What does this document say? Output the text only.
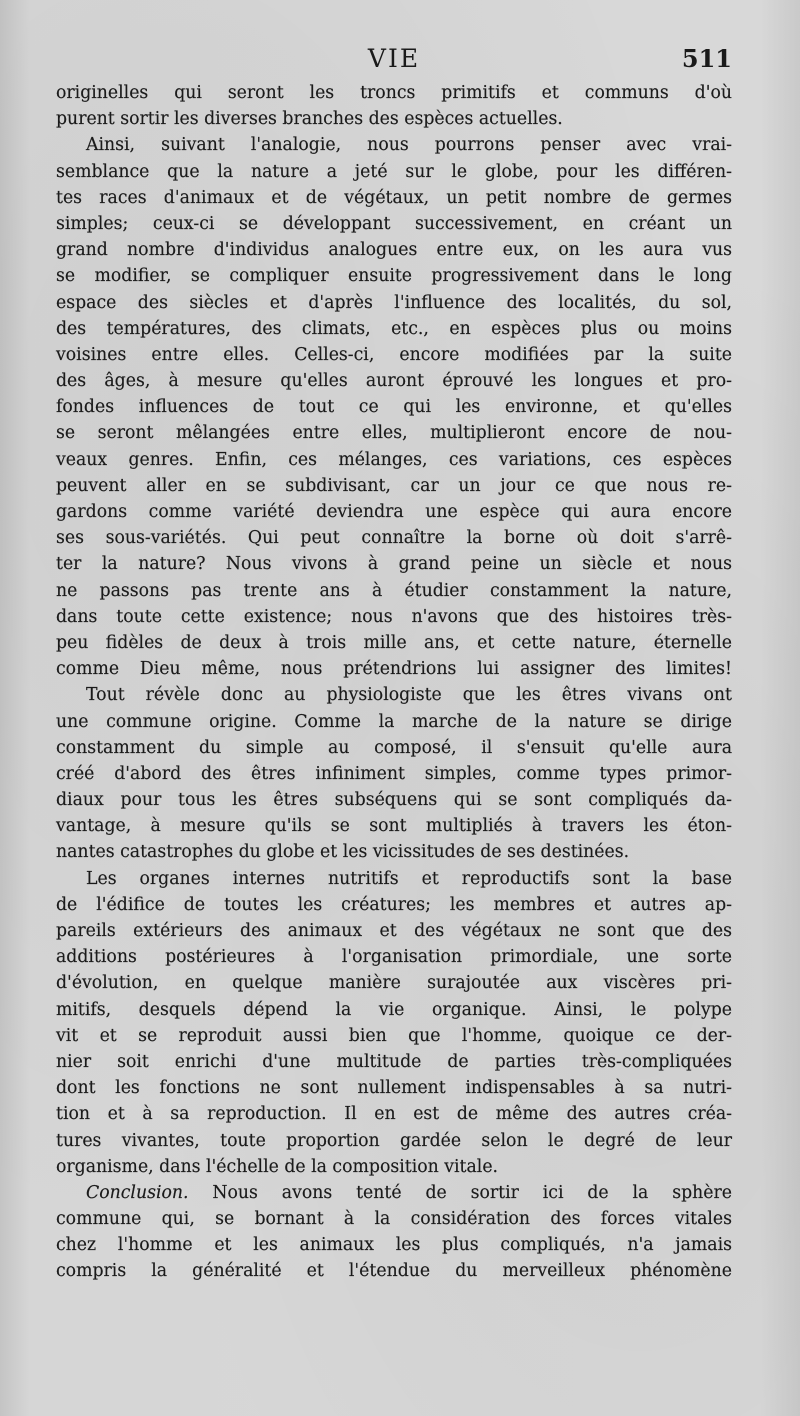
VIE	511
originelles qui seront les troncs primitifs et communs d'où
purent sortir les diverses branches des espèces actuelles.
Ainsi, suivant l'analogie, nous pourrons penser avec vrai-
semblance que la nature a jeté sur le globe, pour les différen-
tes races d'animaux et de végétaux, un petit nombre de germes
simples; ceux-ci se développant successivement, en créant un
grand nombre d'individus analogues entre eux, on les aura vus
se modifier, se compliquer ensuite progressivement dans le long
espace des siècles et d'après l'influence des localités, du sol,
des températures, des climats, etc., en espèces plus ou moins
voisines entre elles. Celles-ci, encore modifiées par la suite
des âges, à mesure qu'elles auront éprouvé les longues et pro-
fondes influences de tout ce qui les environne, et qu'elles
se seront mêlangées entre elles, multiplieront encore de nou-
veaux genres. Enfin, ces mélanges, ces variations, ces espèces
peuvent aller en se subdivisant, car un jour ce que nous re-
gardons comme variété deviendra une espèce qui aura encore
ses sous-variétés. Qui peut connaître la borne où doit s'arrê-
ter la nature? Nous vivons à grand peine un siècle et nous
ne passons pas trente ans à étudier constamment la nature,
dans toute cette existence; nous n'avons que des histoires très-
peu fidèles de deux à trois mille ans, et cette nature, éternelle
comme Dieu même, nous prétendrions lui assigner des limites!
Tout révèle donc au physiologiste que les êtres vivans ont
une commune origine. Comme la marche de la nature se dirige
constamment du simple au composé, il s'ensuit qu'elle aura
créé d'abord des êtres infiniment simples, comme types primor-
diaux pour tous les êtres subséquens qui se sont compliqués da-
vantage, à mesure qu'ils se sont multipliés à travers les éton-
nantes catastrophes du globe et les vicissitudes de ses destinées.
Les organes internes nutritifs et reproductifs sont la base
de l'édifice de toutes les créatures; les membres et autres ap-
pareils extérieurs des animaux et des végétaux ne sont que des
additions postérieures à l'organisation primordiale, une sorte
d'évolution, en quelque manière surajoutée aux viscères pri-
mitifs, desquels dépend la vie organique. Ainsi, le polype
vit et se reproduit aussi bien que l'homme, quoique ce der-
nier soit enrichi d'une multitude de parties très-compliquées
dont les fonctions ne sont nullement indispensables à sa nutri-
tion et à sa reproduction. Il en est de même des autres créa-
tures vivantes, toute proportion gardée selon le degré de leur
organisme, dans l'échelle de la composition vitale.
Conclusion. Nous avons tenté de sortir ici de la sphère
commune qui, se bornant à la considération des forces vitales
chez l'homme et les animaux les plus compliqués, n'a jamais
compris la généralité et l'étendue du merveilleux phénomène
